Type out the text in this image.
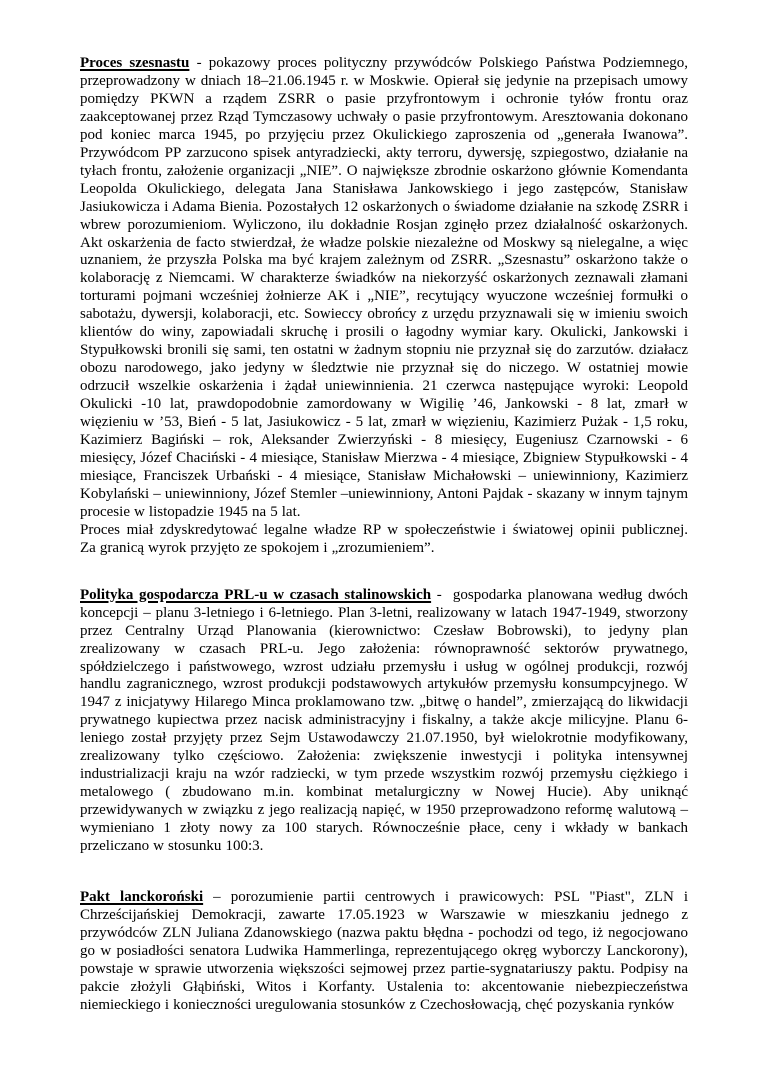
Proces szesnastu - pokazowy proces polityczny przywódców Polskiego Państwa Podziemnego, przeprowadzony w dniach 18–21.06.1945 r. w Moskwie. Opierał się jedynie na przepisach umowy pomiędzy PKWN a rządem ZSRR o pasie przyfrontowym i ochronie tyłów frontu oraz zaakceptowanej przez Rząd Tymczasowy uchwały o pasie przyfrontowym. Aresztowania dokonano pod koniec marca 1945, po przyjęciu przez Okulickiego zaproszenia od „generała Iwanowa”. Przywódcom PP zarzucono spisek antyradziecki, akty terroru, dywersję, szpiegostwo, działanie na tyłach frontu, założenie organizacji „NIE”. O największe zbrodnie oskarżono głównie Komendanta Leopolda Okulickiego, delegata Jana Stanisława Jankowskiego i jego zastępców, Stanisław Jasiukowicza i Adama Bienia. Pozostałych 12 oskarżonych o świadome działanie na szkodę ZSRR i wbrew porozumieniom. Wyliczono, ilu dokładnie Rosjan zginęło przez działalność oskarżonych. Akt oskarżenia de facto stwierdzał, że władze polskie niezależne od Moskwy są nielegalne, a więc uznaniem, że przyszła Polska ma być krajem zależnym od ZSRR. „Szesnastu” oskarżono także o kolaborację z Niemcami. W charakterze świadków na niekorzyść oskarżonych zeznawali złamani torturami pojmani wcześniej żołnierze AK i „NIE”, recytujący wyuczone wcześniej formułki o sabotażu, dywersji, kolaboracji, etc. Sowieccy obrońcy z urzędu przyznawali się w imieniu swoich klientów do winy, zapowiadali skruchę i prosili o łagodny wymiar kary. Okulicki, Jankowski i Stypułkowski bronili się sami, ten ostatni w żadnym stopniu nie przyznał się do zarzutów. działacz obozu narodowego, jako jedyny w śledztwie nie przyznał się do niczego. W ostatniej mowie odrzucił wszelkie oskarżenia i żądał uniewinnienia. 21 czerwca następujące wyroki: Leopold Okulicki -10 lat, prawdopodobnie zamordowany w Wigilię ’46, Jankowski - 8 lat, zmarł w więzieniu w ’53, Bień - 5 lat, Jasiukowicz - 5 lat, zmarł w więzieniu, Kazimierz Pużak - 1,5 roku, Kazimierz Bagiński – rok, Aleksander Zwierzyński - 8 miesięcy, Eugeniusz Czarnowski - 6 miesięcy, Józef Chaciński - 4 miesiące, Stanisław Mierzwa - 4 miesiące, Zbigniew Stypułkowski - 4 miesiące, Franciszek Urbański - 4 miesiące, Stanisław Michałowski – uniewinniony, Kazimierz Kobylański – uniewinniony, Józef Stemler –uniewinniony, Antoni Pajdak - skazany w innym tajnym procesie w listopadzie 1945 na 5 lat.

Proces miał zdyskredytować legalne władze RP w społeczeństwie i światowej opinii publicznej.

Za granicą wyrok przyjęto ze spokojem i „zrozumieniem”.

Polityka gospodarcza PRL-u w czasach stalinowskich -  gospodarka planowana według dwóch koncepcji – planu 3-letniego i 6-letniego. Plan 3-letni, realizowany w latach 1947-1949, stworzony przez Centralny Urząd Planowania (kierownictwo: Czesław Bobrowski), to jedyny plan zrealizowany w czasach PRL-u. Jego założenia: równoprawność sektorów prywatnego, spółdzielczego i państwowego, wzrost udziału przemysłu i usług w ogólnej produkcji, rozwój handlu zagranicznego, wzrost produkcji podstawowych artykułów przemysłu konsumpcyjnego. W 1947 z inicjatywy Hilarego Minca proklamowano tzw. „bitwę o handel”, zmierzającą do likwidacji prywatnego kupiectwa przez nacisk administracyjny i fiskalny, a także akcje milicyjne. Planu 6-leniego został przyjęty przez Sejm Ustawodawczy 21.07.1950, był wielokrotnie modyfikowany, zrealizowany tylko częściowo. Założenia: zwiększenie inwestycji i polityka intensywnej industrializacji kraju na wzór radziecki, w tym przede wszystkim rozwój przemysłu ciężkiego i metalowego ( zbudowano m.in. kombinat metalurgiczny w Nowej Hucie). Aby uniknąć przewidywanych w związku z jego realizacją napięć, w 1950 przeprowadzono reformę walutową – wymieniano 1 złoty nowy za 100 starych. Równocześnie płace, ceny i wkłady w bankach przeliczano w stosunku 100:3.

Pakt lanckoroński – porozumienie partii centrowych i prawicowych: PSL "Piast", ZLN i Chrześcijańskiej Demokracji, zawarte 17.05.1923 w Warszawie w mieszkaniu jednego z przywódców ZLN Juliana Zdanowskiego (nazwa paktu błędna - pochodzi od tego, iż negocjowano go w posiadłości senatora Ludwika Hammerlinga, reprezentującego okręg wyborczy Lanckorony), powstaje w sprawie utworzenia większości sejmowej przez partie-sygnatariuszy paktu. Podpisy na pakcie złożyli Głąbiński, Witos i Korfanty. Ustalenia to: akcentowanie niebezpieczeństwa niemieckiego i konieczności uregulowania stosunków z Czechosłowacją, chęć pozyskania rynków
